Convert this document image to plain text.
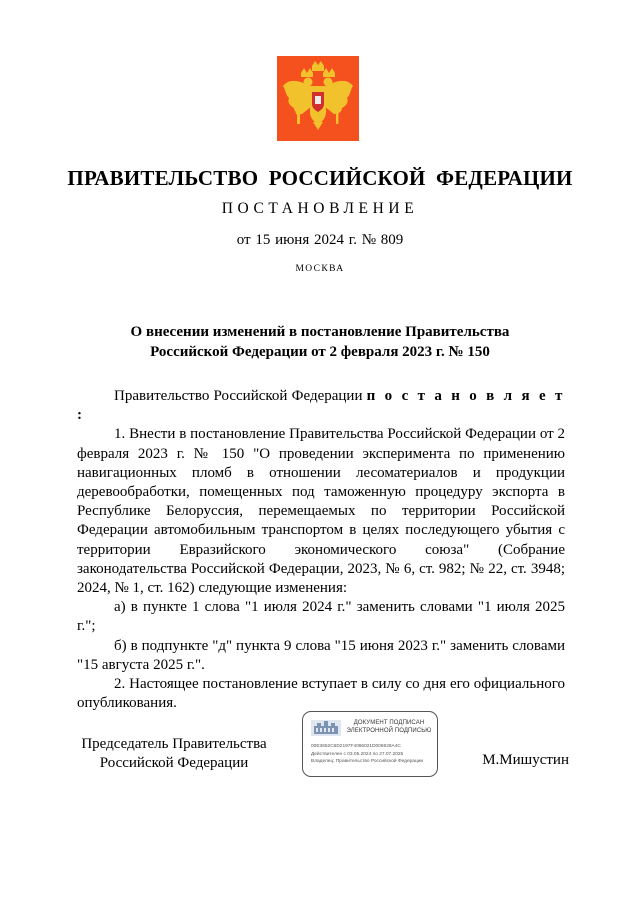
ПРАВИТЕЛЬСТВО РОССИЙСКОЙ ФЕДЕРАЦИИ
ПОСТАНОВЛЕНИЕ
от 15 июня 2024 г. № 809
МОСКВА
О внесении изменений в постановление Правительства
Российской Федерации от 2 февраля 2023 г. № 150

Правительство Российской Федерации п о с т а н о в л я е т :

1. Внести в постановление Правительства Российской Федерации от 2 февраля 2023 г. № 150 "О проведении эксперимента по применению навигационных пломб в отношении лесоматериалов и продукции деревообработки, помещенных под таможенную процедуру экспорта в Республике Белоруссия, перемещаемых по территории Российской Федерации автомобильным транспортом в целях последующего убытия с территории Евразийского экономического союза" (Собрание законодательства Российской Федерации, 2023, № 6, ст. 982; № 22, ст. 3948; 2024, № 1, ст. 162) следующие изменения:

а) в пункте 1 слова "1 июля 2024 г." заменить словами "1 июля 2025 г.";

б) в подпункте "д" пункта 9 слова "15 июня 2023 г." заменить словами "15 августа 2025 г.".

2. Настоящее постановление вступает в силу со дня его официального опубликования.

Председатель Правительства
Российской Федерации
ДОКУМЕНТ ПОДПИСАН
ЭЛЕКТРОННОЙ ПОДПИСЬЮ
00E3652C6D2197F4086021D006928A4C
Действителен с 03.05.2024 по 27.07.2025
Владелец: Правительство Российской Федерации	М.Мишустин
